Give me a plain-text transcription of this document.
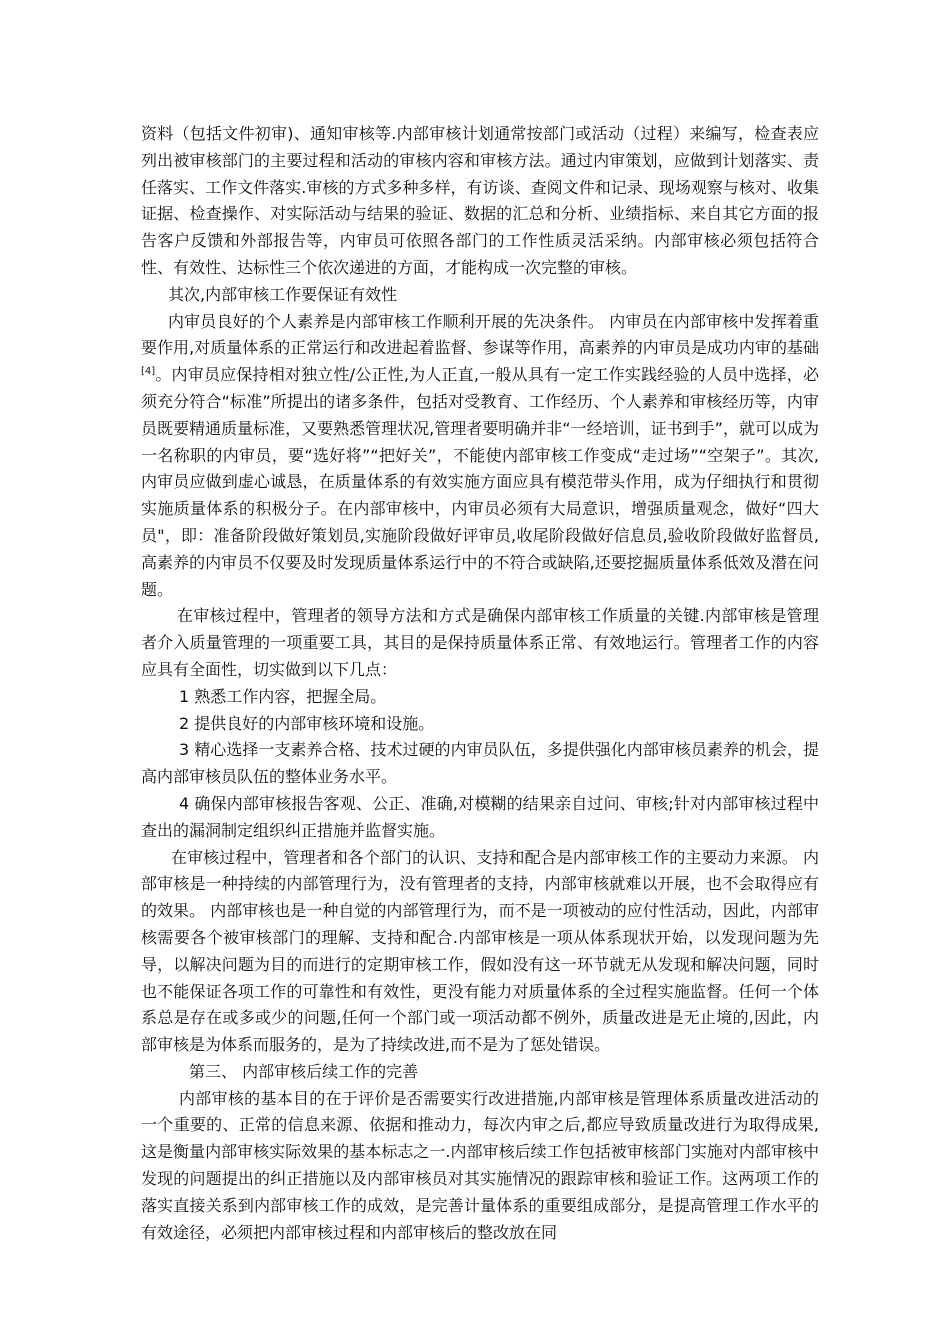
资料（包括文件初审)、通知审核等.内部审核计划通常按部门或活动（过程）来编写，检查表应列出被审核部门的主要过程和活动的审核内容和审核方法。通过内审策划，应做到计划落实、责任落实、工作文件落实.审核的方式多种多样，有访谈、查阅文件和记录、现场观察与核对、收集证据、检查操作、对实际活动与结果的验证、数据的汇总和分析、业绩指标、来自其它方面的报告客户反馈和外部报告等，内审员可依照各部门的工作性质灵活采纳。内部审核必须包括符合性、有效性、达标性三个依次递进的方面，才能构成一次完整的审核。

其次,内部审核工作要保证有效性

内审员良好的个人素养是内部审核工作顺利开展的先决条件。 内审员在内部审核中发挥着重要作用,对质量体系的正常运行和改进起着监督、参谋等作用，高素养的内审员是成功内审的基础[4]。内审员应保持相对独立性/公正性,为人正直,一般从具有一定工作实践经验的人员中选择，必须充分符合“标准”所提出的诸多条件，包括对受教育、工作经历、个人素养和审核经历等，内审员既要精通质量标准，又要熟悉管理状况,管理者要明确并非“一经培训，证书到手”，就可以成为一名称职的内审员，要“选好将”“把好关”，不能使内部审核工作变成“走过场”“空架子”。其次,内审员应做到虚心诚恳，在质量体系的有效实施方面应具有模范带头作用，成为仔细执行和贯彻实施质量体系的积极分子。在内部审核中，内审员必须有大局意识，增强质量观念，做好“四大员"，即：准备阶段做好策划员,实施阶段做好评审员,收尾阶段做好信息员,验收阶段做好监督员,高素养的内审员不仅要及时发现质量体系运行中的不符合或缺陷,还要挖掘质量体系低效及潜在问题。

在审核过程中，管理者的领导方法和方式是确保内部审核工作质量的关键.内部审核是管理者介入质量管理的一项重要工具，其目的是保持质量体系正常、有效地运行。管理者工作的内容应具有全面性，切实做到以下几点：

1 熟悉工作内容，把握全局。

2 提供良好的内部审核环境和设施。

3 精心选择一支素养合格、技术过硬的内审员队伍，多提供强化内部审核员素养的机会，提高内部审核员队伍的整体业务水平。

4 确保内部审核报告客观、公正、准确,对模糊的结果亲自过问、审核;针对内部审核过程中查出的漏洞制定组织纠正措施并监督实施。

在审核过程中，管理者和各个部门的认识、支持和配合是内部审核工作的主要动力来源。 内部审核是一种持续的内部管理行为，没有管理者的支持，内部审核就难以开展，也不会取得应有的效果。 内部审核也是一种自觉的内部管理行为，而不是一项被动的应付性活动，因此，内部审核需要各个被审核部门的理解、支持和配合.内部审核是一项从体系现状开始，以发现问题为先导，以解决问题为目的而进行的定期审核工作，假如没有这一环节就无从发现和解决问题，同时也不能保证各项工作的可靠性和有效性，更没有能力对质量体系的全过程实施监督。任何一个体系总是存在或多或少的问题,任何一个部门或一项活动都不例外，质量改进是无止境的,因此，内部审核是为体系而服务的，是为了持续改进,而不是为了惩处错误。

第三、 内部审核后续工作的完善

内部审核的基本目的在于评价是否需要实行改进措施,内部审核是管理体系质量改进活动的一个重要的、正常的信息来源、依据和推动力，每次内审之后,都应导致质量改进行为取得成果,这是衡量内部审核实际效果的基本标志之一.内部审核后续工作包括被审核部门实施对内部审核中发现的问题提出的纠正措施以及内部审核员对其实施情况的跟踪审核和验证工作。这两项工作的落实直接关系到内部审核工作的成效，是完善计量体系的重要组成部分，是提高管理工作水平的有效途径，必须把内部审核过程和内部审核后的整改放在同
